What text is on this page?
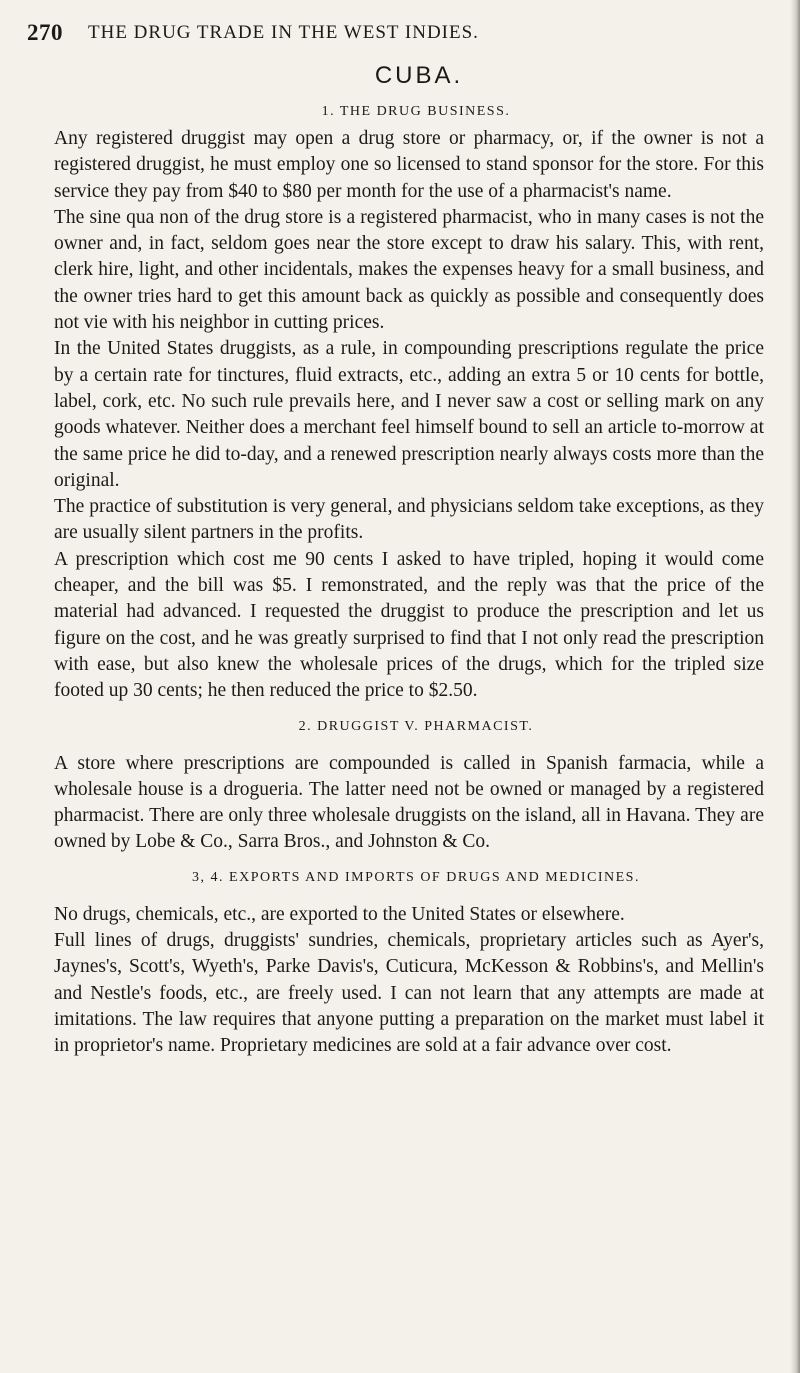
270 THE DRUG TRADE IN THE WEST INDIES.
CUBA.
1. THE DRUG BUSINESS.

Any registered druggist may open a drug store or pharmacy, or, if the owner is not a registered druggist, he must employ one so licensed to stand sponsor for the store. For this service they pay from $40 to $80 per month for the use of a pharmacist's name.

The sine qua non of the drug store is a registered pharmacist, who in many cases is not the owner and, in fact, seldom goes near the store except to draw his salary. This, with rent, clerk hire, light, and other incidentals, makes the expenses heavy for a small business, and the owner tries hard to get this amount back as quickly as possible and consequently does not vie with his neighbor in cutting prices.

In the United States druggists, as a rule, in compounding prescriptions regulate the price by a certain rate for tinctures, fluid extracts, etc., adding an extra 5 or 10 cents for bottle, label, cork, etc. No such rule prevails here, and I never saw a cost or selling mark on any goods whatever. Neither does a merchant feel himself bound to sell an article to-morrow at the same price he did to-day, and a renewed prescription nearly always costs more than the original.

The practice of substitution is very general, and physicians seldom take exceptions, as they are usually silent partners in the profits.

A prescription which cost me 90 cents I asked to have tripled, hoping it would come cheaper, and the bill was $5. I remonstrated, and the reply was that the price of the material had advanced. I requested the druggist to produce the prescription and let us figure on the cost, and he was greatly surprised to find that I not only read the prescription with ease, but also knew the wholesale prices of the drugs, which for the tripled size footed up 30 cents; he then reduced the price to $2.50.

2. DRUGGIST V. PHARMACIST.

A store where prescriptions are compounded is called in Spanish farmacia, while a wholesale house is a drogueria. The latter need not be owned or managed by a registered pharmacist. There are only three wholesale druggists on the island, all in Havana. They are owned by Lobe & Co., Sarra Bros., and Johnston & Co.

3, 4. EXPORTS AND IMPORTS OF DRUGS AND MEDICINES.

No drugs, chemicals, etc., are exported to the United States or elsewhere.

Full lines of drugs, druggists' sundries, chemicals, proprietary articles such as Ayer's, Jaynes's, Scott's, Wyeth's, Parke Davis's, Cuticura, McKesson & Robbins's, and Mellin's and Nestle's foods, etc., are freely used. I can not learn that any attempts are made at imitations. The law requires that anyone putting a preparation on the market must label it in proprietor's name. Proprietary medicines are sold at a fair advance over cost.
